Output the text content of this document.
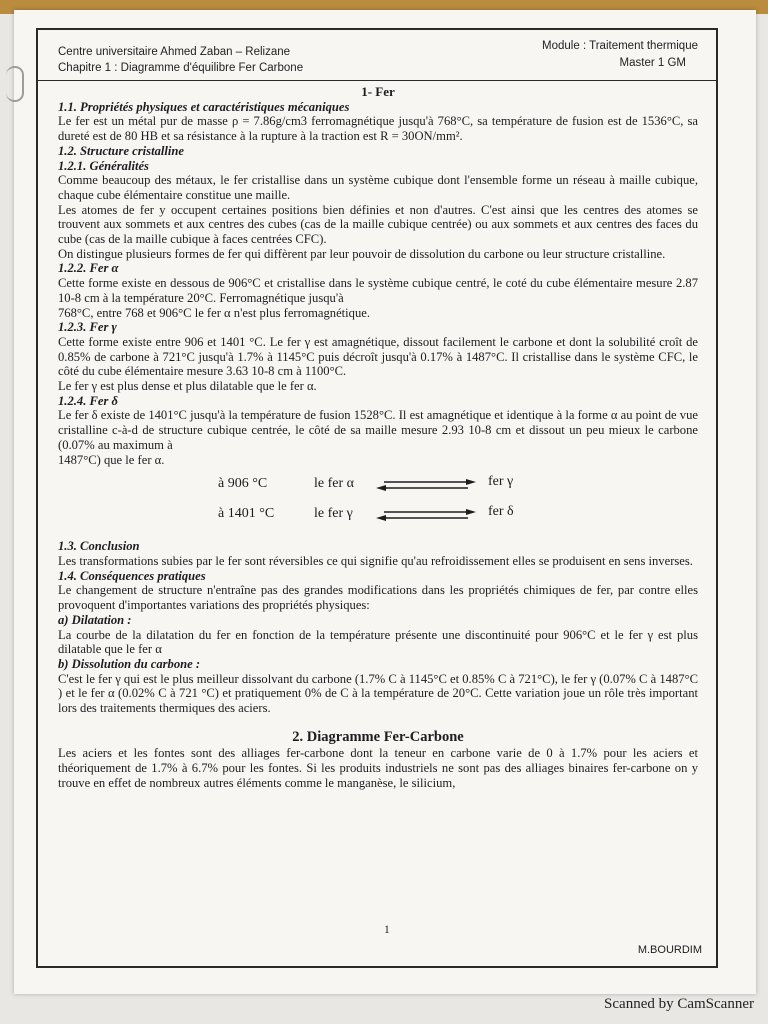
Centre universitaire Ahmed Zaban – Relizane
Chapitre 1 : Diagramme d'équilibre Fer Carbone
Module : Traitement thermique
Master 1 GM

1- Fer

1.1. Propriétés physiques et caractéristiques mécaniques

Le fer est un métal pur de masse ρ = 7.86g/cm3 ferromagnétique jusqu'à 768°C, sa température de fusion est de 1536°C, sa dureté est de 80 HB et sa résistance à la rupture à la traction est R = 30ON/mm².

1.2. Structure cristalline

1.2.1. Généralités

Comme beaucoup des métaux, le fer cristallise dans un système cubique dont l'ensemble forme un réseau à maille cubique, chaque cube élémentaire constitue une maille.

Les atomes de fer y occupent certaines positions bien définies et non d'autres. C'est ainsi que les centres des atomes se trouvent aux sommets et aux centres des cubes (cas de la maille cubique centrée) ou aux sommets et aux centres des faces du cube (cas de la maille cubique à faces centrées CFC).

On distingue plusieurs formes de fer qui diffèrent par leur pouvoir de dissolution du carbone ou leur structure cristalline.

1.2.2. Fer α

Cette forme existe en dessous de 906°C et cristallise dans le système cubique centré, le coté du cube élémentaire mesure 2.87 10-8 cm à la température 20°C. Ferromagnétique jusqu'à

768°C, entre 768 et 906°C le fer α n'est plus ferromagnétique.

1.2.3. Fer γ

Cette forme existe entre 906 et 1401 °C. Le fer γ est amagnétique, dissout facilement le carbone et dont la solubilité croît de 0.85% de carbone à 721°C jusqu'à 1.7% à 1145°C puis décroît jusqu'à 0.17% à 1487°C. Il cristallise dans le système CFC, le côté du cube élémentaire mesure 3.63 10-8 cm à 1100°C.

Le fer γ est plus dense et plus dilatable que le fer α.

1.2.4. Fer δ

Le fer δ existe de 1401°C jusqu'à la température de fusion 1528°C. Il est amagnétique et identique à la forme α au point de vue cristalline c-à-d de structure cubique centrée, le côté de sa maille mesure 2.93 10-8 cm et dissout un peu mieux le carbone (0.07% au maximum à

1487°C) que le fer α.

à 906 °C	le fer α	fer γ
à 1401 °C	le fer γ	fer δ

1.3. Conclusion

Les transformations subies par le fer sont réversibles ce qui signifie qu'au refroidissement elles se produisent en sens inverses.

1.4. Conséquences pratiques

Le changement de structure n'entraîne pas des grandes modifications dans les propriétés chimiques de fer, par contre elles provoquent d'importantes variations des propriétés physiques:

a) Dilatation :

La courbe de la dilatation du fer en fonction de la température présente une discontinuité pour 906°C et le fer γ est plus dilatable que le fer α

b) Dissolution du carbone :

C'est le fer γ qui est le plus meilleur dissolvant du carbone (1.7% C à 1145°C et 0.85% C à 721°C), le fer γ (0.07% C à 1487°C ) et le fer α (0.02% C à 721 °C) et pratiquement 0% de C à la température de 20°C. Cette variation joue un rôle très important lors des traitements thermiques des aciers.

2. Diagramme Fer-Carbone

Les aciers et les fontes sont des alliages fer-carbone dont la teneur en carbone varie de 0 à 1.7% pour les aciers et théoriquement de 1.7% à 6.7% pour les fontes. Si les produits industriels ne sont pas des alliages binaires fer-carbone on y trouve en effet de nombreux autres éléments comme le manganèse, le silicium,

1
M.BOURDIM
Scanned by CamScanner
